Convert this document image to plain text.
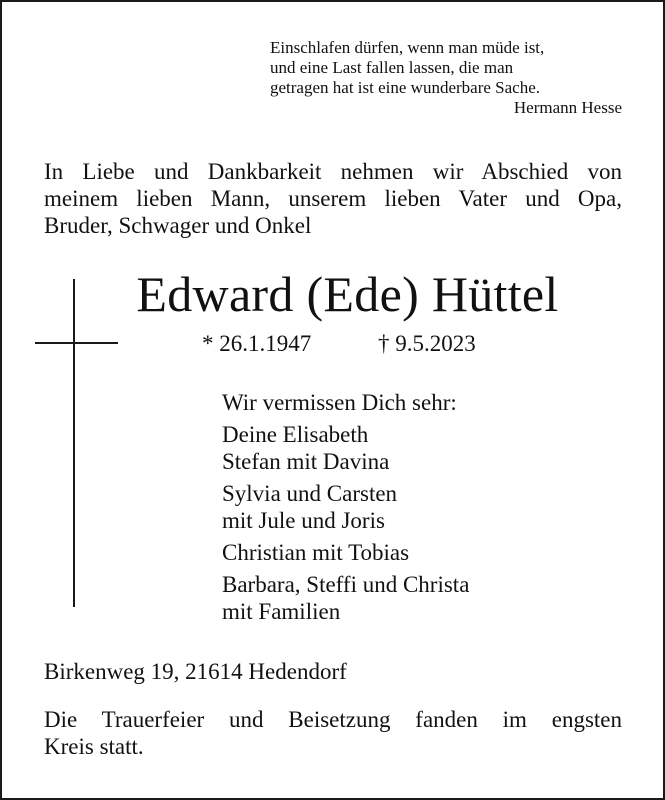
Einschlafen dürfen, wenn man müde ist,
und eine Last fallen lassen, die man
getragen hat ist eine wunderbare Sache.
Hermann Hesse
In Liebe und Dankbarkeit nehmen wir Abschied von
meinem lieben Mann, unserem lieben Vater und Opa,
Bruder, Schwager und Onkel
Edward (Ede) Hüttel
* 26.1.1947	† 9.5.2023
Wir vermissen Dich sehr:
Deine Elisabeth
Stefan mit Davina
Sylvia und Carsten
mit Jule und Joris
Christian mit Tobias
Barbara, Steffi und Christa
mit Familien
Birkenweg 19, 21614 Hedendorf
Die Trauerfeier und Beisetzung fanden im engsten
Kreis statt.
